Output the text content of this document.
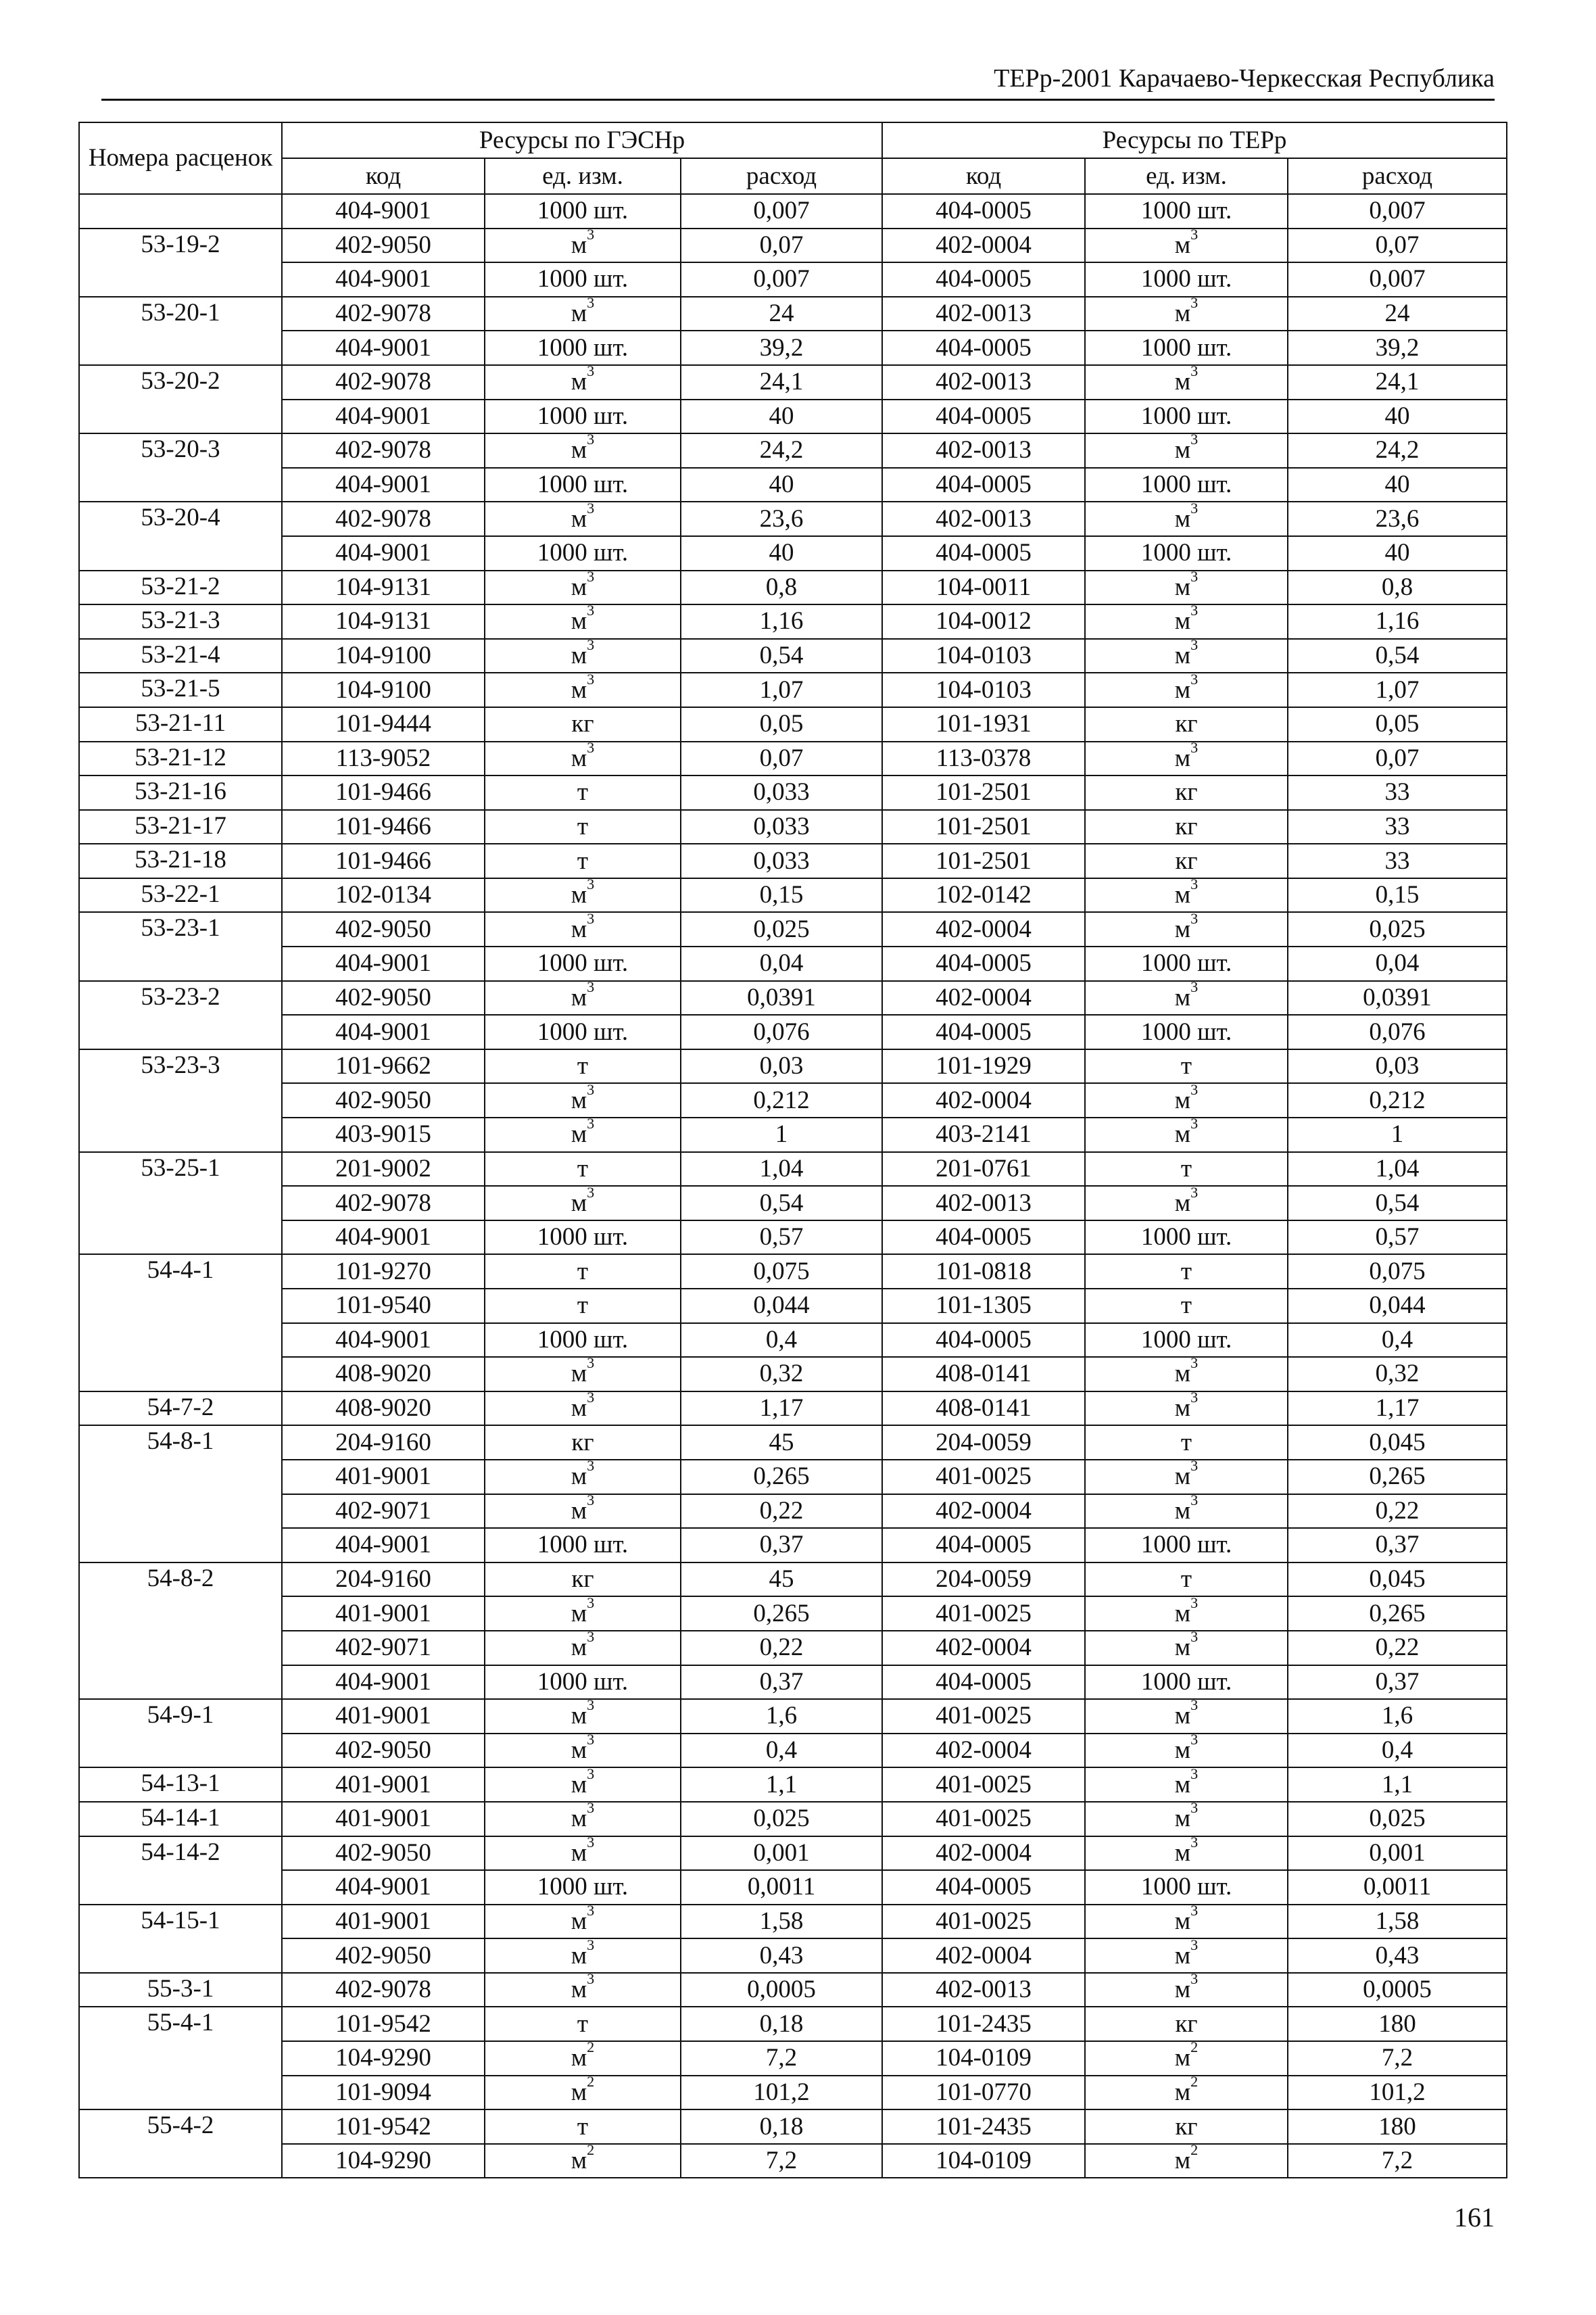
ТЕРр-2001 Карачаево-Черкесская Республика
Номера расценок	Ресурсы по ГЭСНр			Ресурсы по ТЕРр		
	код	ед. изм.	расход	код	ед. изм.	расход
	404-9001	1000 шт.	0,007	404-0005	1000 шт.	0,007
53-19-2	402-9050	$м^3$	0,07	402-0004	$м^3$	0,07
	404-9001	1000 шт.	0,007	404-0005	1000 шт.	0,007
53-20-1	402-9078	$м^3$	24	402-0013	$м^3$	24
	404-9001	1000 шт.	39,2	404-0005	1000 шт.	39,2
53-20-2	402-9078	$м^3$	24,1	402-0013	$м^3$	24,1
	404-9001	1000 шт.	40	404-0005	1000 шт.	40
53-20-3	402-9078	$м^3$	24,2	402-0013	$м^3$	24,2
	404-9001	1000 шт.	40	404-0005	1000 шт.	40
53-20-4	402-9078	$м^3$	23,6	402-0013	$м^3$	23,6
	404-9001	1000 шт.	40	404-0005	1000 шт.	40
53-21-2	104-9131	$м^3$	0,8	104-0011	$м^3$	0,8
53-21-3	104-9131	$м^3$	1,16	104-0012	$м^3$	1,16
53-21-4	104-9100	$м^3$	0,54	104-0103	$м^3$	0,54
53-21-5	104-9100	$м^3$	1,07	104-0103	$м^3$	1,07
53-21-11	101-9444	кг	0,05	101-1931	кг	0,05
53-21-12	113-9052	$м^3$	0,07	113-0378	$м^3$	0,07
53-21-16	101-9466	т	0,033	101-2501	кг	33
53-21-17	101-9466	т	0,033	101-2501	кг	33
53-21-18	101-9466	т	0,033	101-2501	кг	33
53-22-1	102-0134	$м^3$	0,15	102-0142	$м^3$	0,15
53-23-1	402-9050	$м^3$	0,025	402-0004	$м^3$	0,025
	404-9001	1000 шт.	0,04	404-0005	1000 шт.	0,04
53-23-2	402-9050	$м^3$	0,0391	402-0004	$м^3$	0,0391
	404-9001	1000 шт.	0,076	404-0005	1000 шт.	0,076
53-23-3	101-9662	т	0,03	101-1929	т	0,03
	402-9050	$м^3$	0,212	402-0004	$м^3$	0,212
	403-9015	$м^3$	1	403-2141	$м^3$	1
53-25-1	201-9002	т	1,04	201-0761	т	1,04
	402-9078	$м^3$	0,54	402-0013	$м^3$	0,54
	404-9001	1000 шт.	0,57	404-0005	1000 шт.	0,57
54-4-1	101-9270	т	0,075	101-0818	т	0,075
	101-9540	т	0,044	101-1305	т	0,044
	404-9001	1000 шт.	0,4	404-0005	1000 шт.	0,4
	408-9020	$м^3$	0,32	408-0141	$м^3$	0,32
54-7-2	408-9020	$м^3$	1,17	408-0141	$м^3$	1,17
54-8-1	204-9160	кг	45	204-0059	т	0,045
	401-9001	$м^3$	0,265	401-0025	$м^3$	0,265
	402-9071	$м^3$	0,22	402-0004	$м^3$	0,22
	404-9001	1000 шт.	0,37	404-0005	1000 шт.	0,37
54-8-2	204-9160	кг	45	204-0059	т	0,045
	401-9001	$м^3$	0,265	401-0025	$м^3$	0,265
	402-9071	$м^3$	0,22	402-0004	$м^3$	0,22
	404-9001	1000 шт.	0,37	404-0005	1000 шт.	0,37
54-9-1	401-9001	$м^3$	1,6	401-0025	$м^3$	1,6
	402-9050	$м^3$	0,4	402-0004	$м^3$	0,4
54-13-1	401-9001	$м^3$	1,1	401-0025	$м^3$	1,1
54-14-1	401-9001	$м^3$	0,025	401-0025	$м^3$	0,025
54-14-2	402-9050	$м^3$	0,001	402-0004	$м^3$	0,001
	404-9001	1000 шт.	0,0011	404-0005	1000 шт.	0,0011
54-15-1	401-9001	$м^3$	1,58	401-0025	$м^3$	1,58
	402-9050	$м^3$	0,43	402-0004	$м^3$	0,43
55-3-1	402-9078	$м^3$	0,0005	402-0013	$м^3$	0,0005
55-4-1	101-9542	т	0,18	101-2435	кг	180
	104-9290	$м^2$	7,2	104-0109	$м^2$	7,2
	101-9094	$м^2$	101,2	101-0770	$м^2$	101,2
55-4-2	101-9542	т	0,18	101-2435	кг	180
	104-9290	$м^2$	7,2	104-0109	$м^2$	7,2
161
